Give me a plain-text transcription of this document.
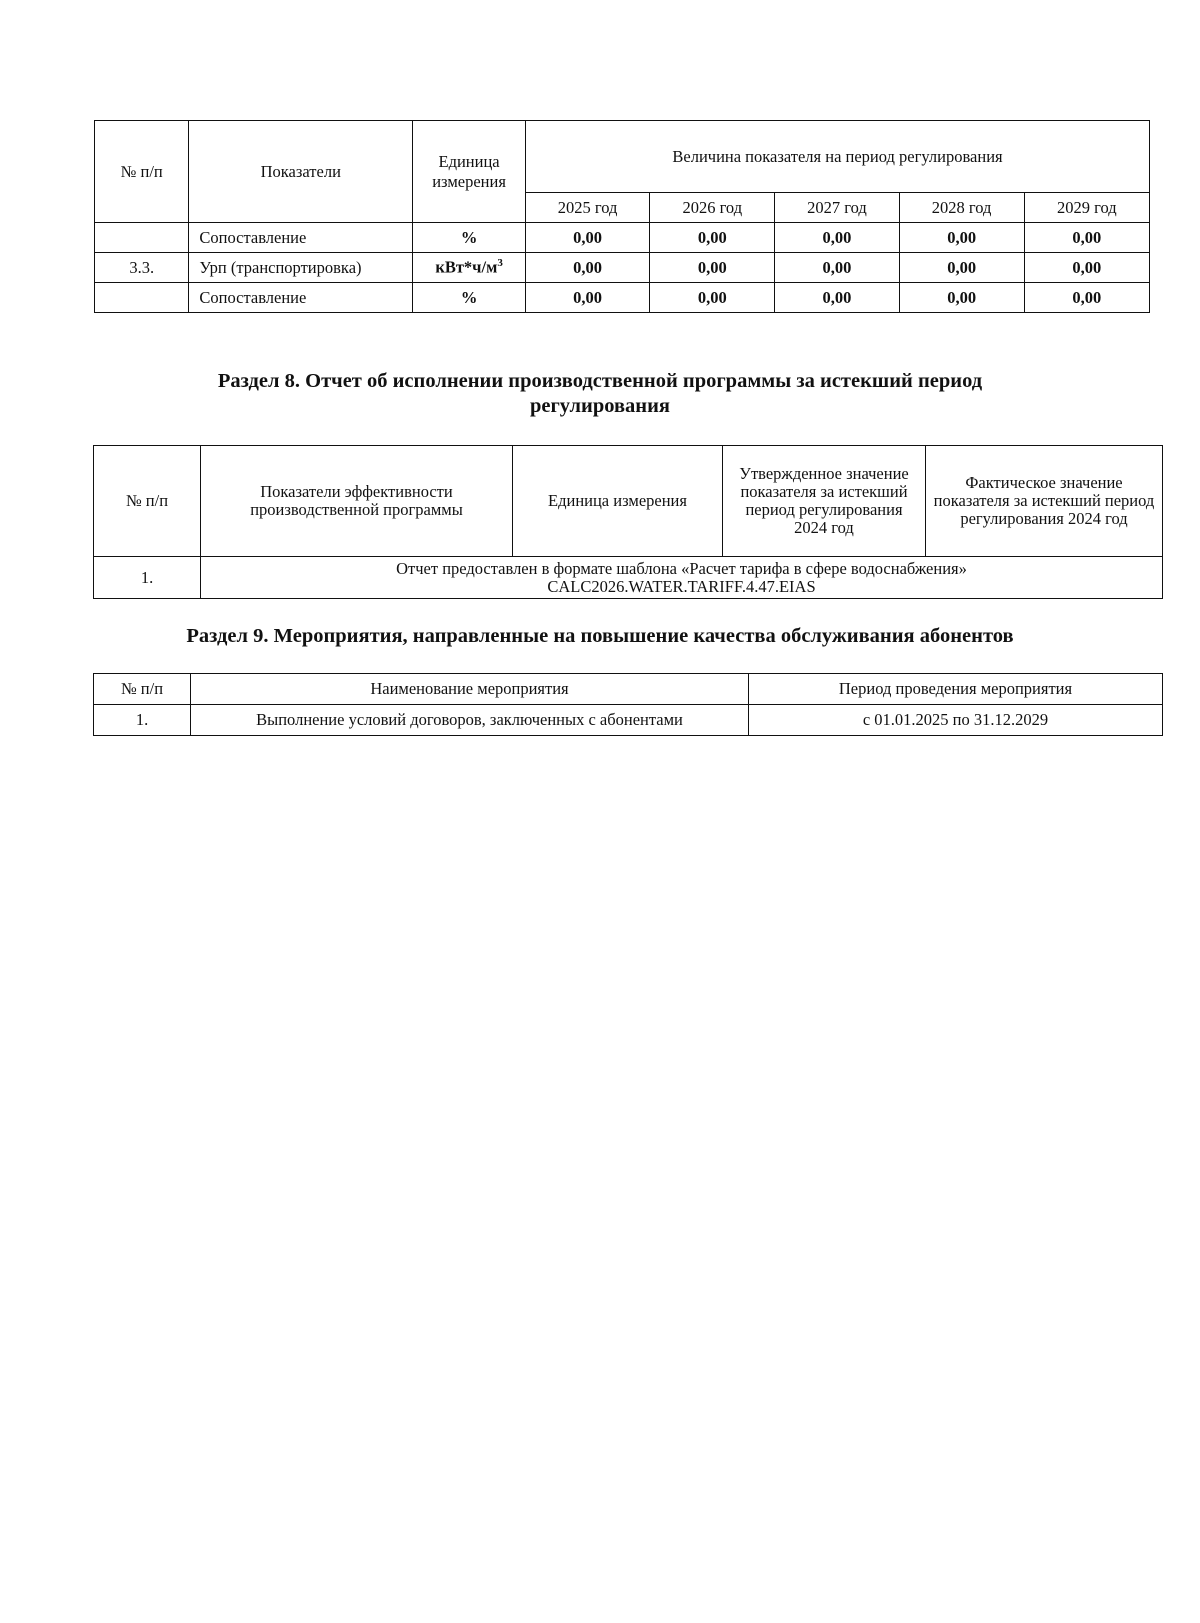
№ п/п	Показатели	Единица измерения	Величина показателя на период регулирования				
			2025 год	2026 год	2027 год	2028 год	2029 год
	Сопоставление	%	0,00	0,00	0,00	0,00	0,00
3.3.	Урп (транспортировка)	$кВт*ч/м^3$	0,00	0,00	0,00	0,00	0,00
	Сопоставление	%	0,00	0,00	0,00	0,00	0,00
Раздел 8. Отчет об исполнении производственной программы за истекший период
регулирования
№ п/п	Показатели эффективности производственной программы	Единица измерения	Утвержденное значение показателя за истекший период регулирования 2024 год	Фактическое значение показателя за истекший период регулирования 2024 год
1.	Отчет предоставлен в формате шаблона «Расчет тарифа в сфере водоснабжения»
CALC2026.WATER.TARIFF.4.47.EIAS			
Раздел 9. Мероприятия, направленные на повышение качества обслуживания абонентов
№ п/п	Наименование мероприятия	Период проведения мероприятия
1.	Выполнение условий договоров, заключенных с абонентами	с 01.01.2025 по 31.12.2029
